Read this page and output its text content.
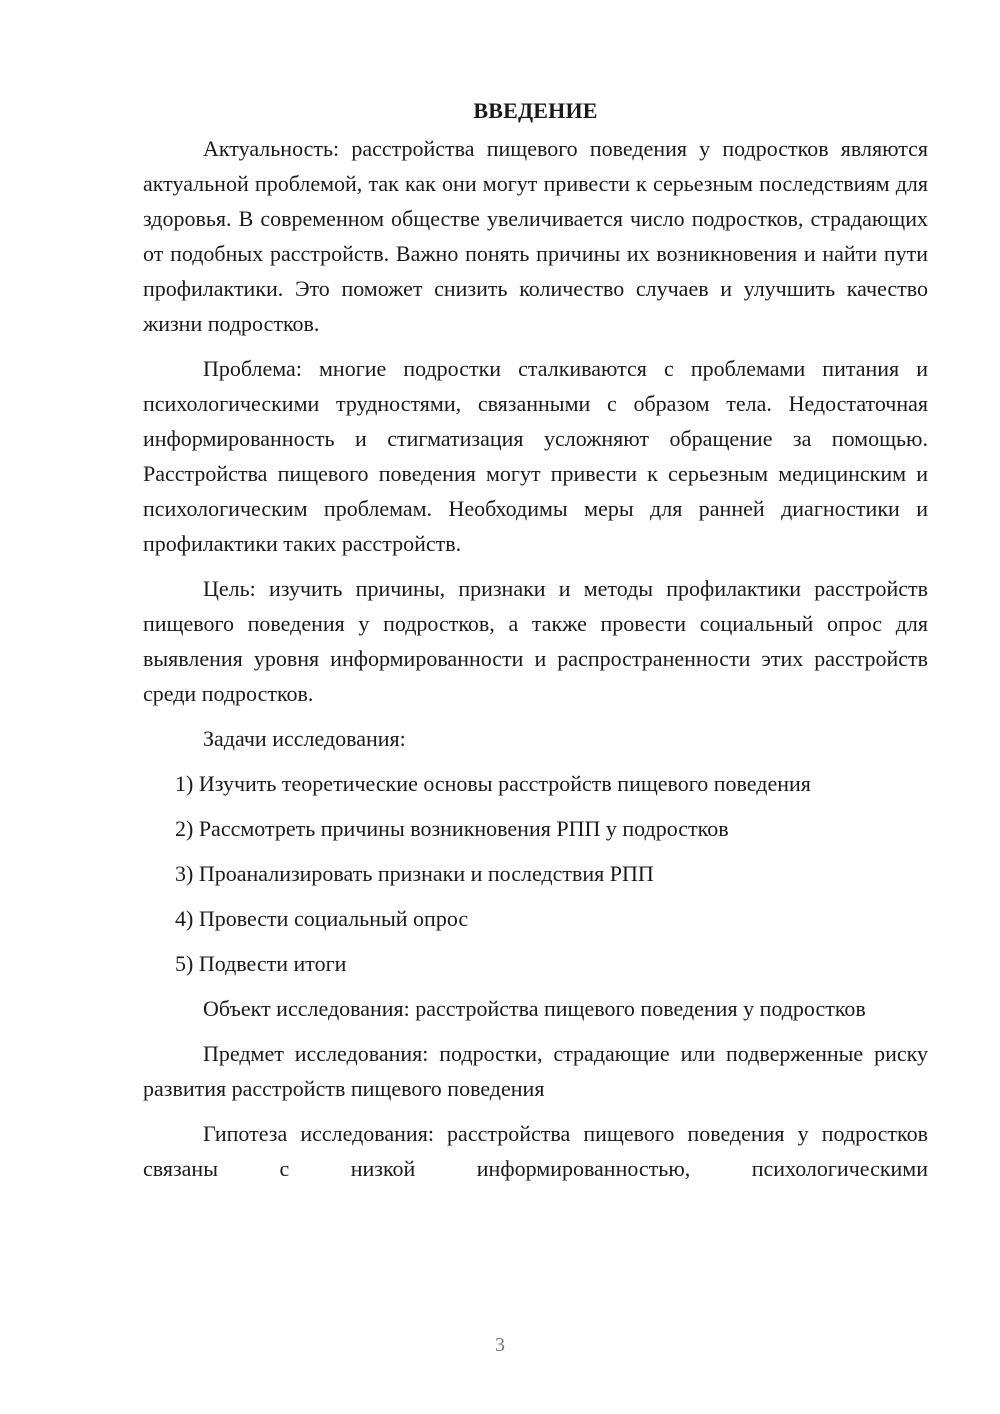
ВВЕДЕНИЕ

Актуальность: расстройства пищевого поведения у подростков являются актуальной проблемой, так как они могут привести к серьезным последствиям для здоровья. В современном обществе увеличивается число подростков, страдающих от подобных расстройств. Важно понять причины их возникновения и найти пути профилактики. Это поможет снизить количество случаев и улучшить качество жизни подростков.

Проблема: многие подростки сталкиваются с проблемами питания и психологическими трудностями, связанными с образом тела. Недостаточная информированность и стигматизация усложняют обращение за помощью. Расстройства пищевого поведения могут привести к серьезным медицинским и психологическим проблемам. Необходимы меры для ранней диагностики и профилактики таких расстройств.

Цель: изучить причины, признаки и методы профилактики расстройств пищевого поведения у подростков, а также провести социальный опрос для выявления уровня информированности и распространенности этих расстройств среди подростков.

Задачи исследования:

1) Изучить теоретические основы расстройств пищевого поведения
2) Рассмотреть причины возникновения РПП у подростков
3) Проанализировать признаки и последствия РПП
4) Провести социальный опрос
5) Подвести итоги

Объект исследования: расстройства пищевого поведения у подростков

Предмет исследования: подростки, страдающие или подверженные риску развития расстройств пищевого поведения

Гипотеза исследования: расстройства пищевого поведения у подростков связаны с низкой информированностью, психологическими

3
